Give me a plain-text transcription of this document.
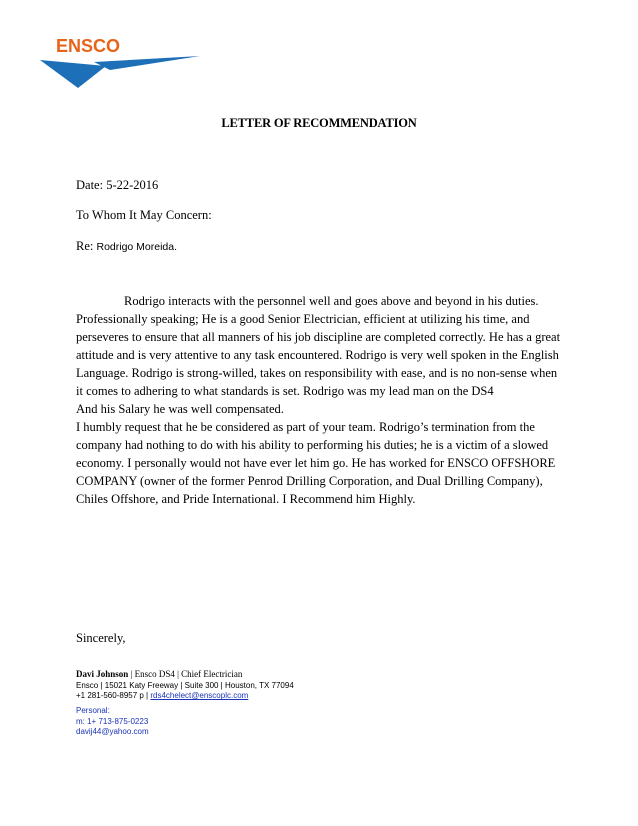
ENSCO
LETTER OF RECOMMENDATION
Date: 5-22-2016
To Whom It May Concern:
Re: Rodrigo Moreida.
Rodrigo interacts with the personnel well and goes above and beyond in his duties.
Professionally speaking; He is a good Senior Electrician, efficient at utilizing his time, and
perseveres to ensure that all manners of his job discipline are completed correctly. He has a great
attitude and is very attentive to any task encountered. Rodrigo is very well spoken in the English
Language. Rodrigo is strong-willed, takes on responsibility with ease, and is no non-sense when
it comes to adhering to what standards is set. Rodrigo was my lead man on the DS4
And his Salary he was well compensated.
I humbly request that he be considered as part of your team. Rodrigo’s termination from the
company had nothing to do with his ability to performing his duties; he is a victim of a slowed
economy. I personally would not have ever let him go. He has worked for ENSCO OFFSHORE
COMPANY (owner of the former Penrod Drilling Corporation, and Dual Drilling Company),
Chiles Offshore, and Pride International. I Recommend him Highly.
Sincerely,
Davi Johnson | Ensco DS4 | Chief Electrician
Ensco | 15021 Katy Freeway | Suite 300 | Houston, TX 77094
+1 281-560-8957 p | rds4chelect@enscoplc.com
Personal:
m: 1+ 713-875-0223
davij44@yahoo.com
